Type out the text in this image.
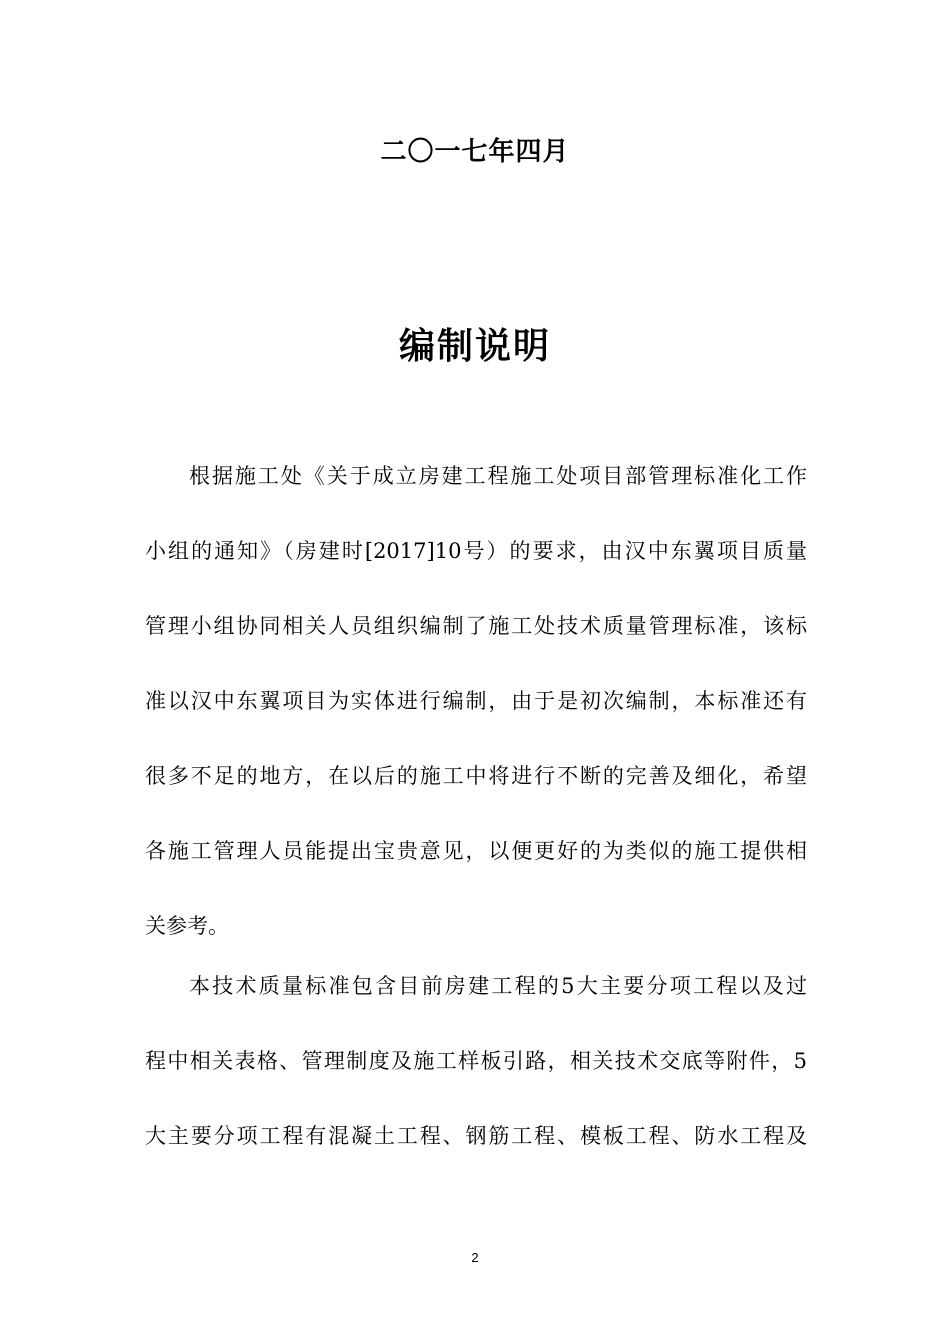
二〇一七年四月
编制说明
根据施工处《关于成立房建工程施工处项目部管理标准化工作
小组的通知》（房建时[2017]10号）的要求，由汉中东翼项目质量
管理小组协同相关人员组织编制了施工处技术质量管理标准，该标
准以汉中东翼项目为实体进行编制，由于是初次编制，本标准还有
很多不足的地方，在以后的施工中将进行不断的完善及细化，希望
各施工管理人员能提出宝贵意见，以便更好的为类似的施工提供相
关参考。
本技术质量标准包含目前房建工程的5大主要分项工程以及过
程中相关表格、管理制度及施工样板引路，相关技术交底等附件，5
大主要分项工程有混凝土工程、钢筋工程、模板工程、防水工程及
2
